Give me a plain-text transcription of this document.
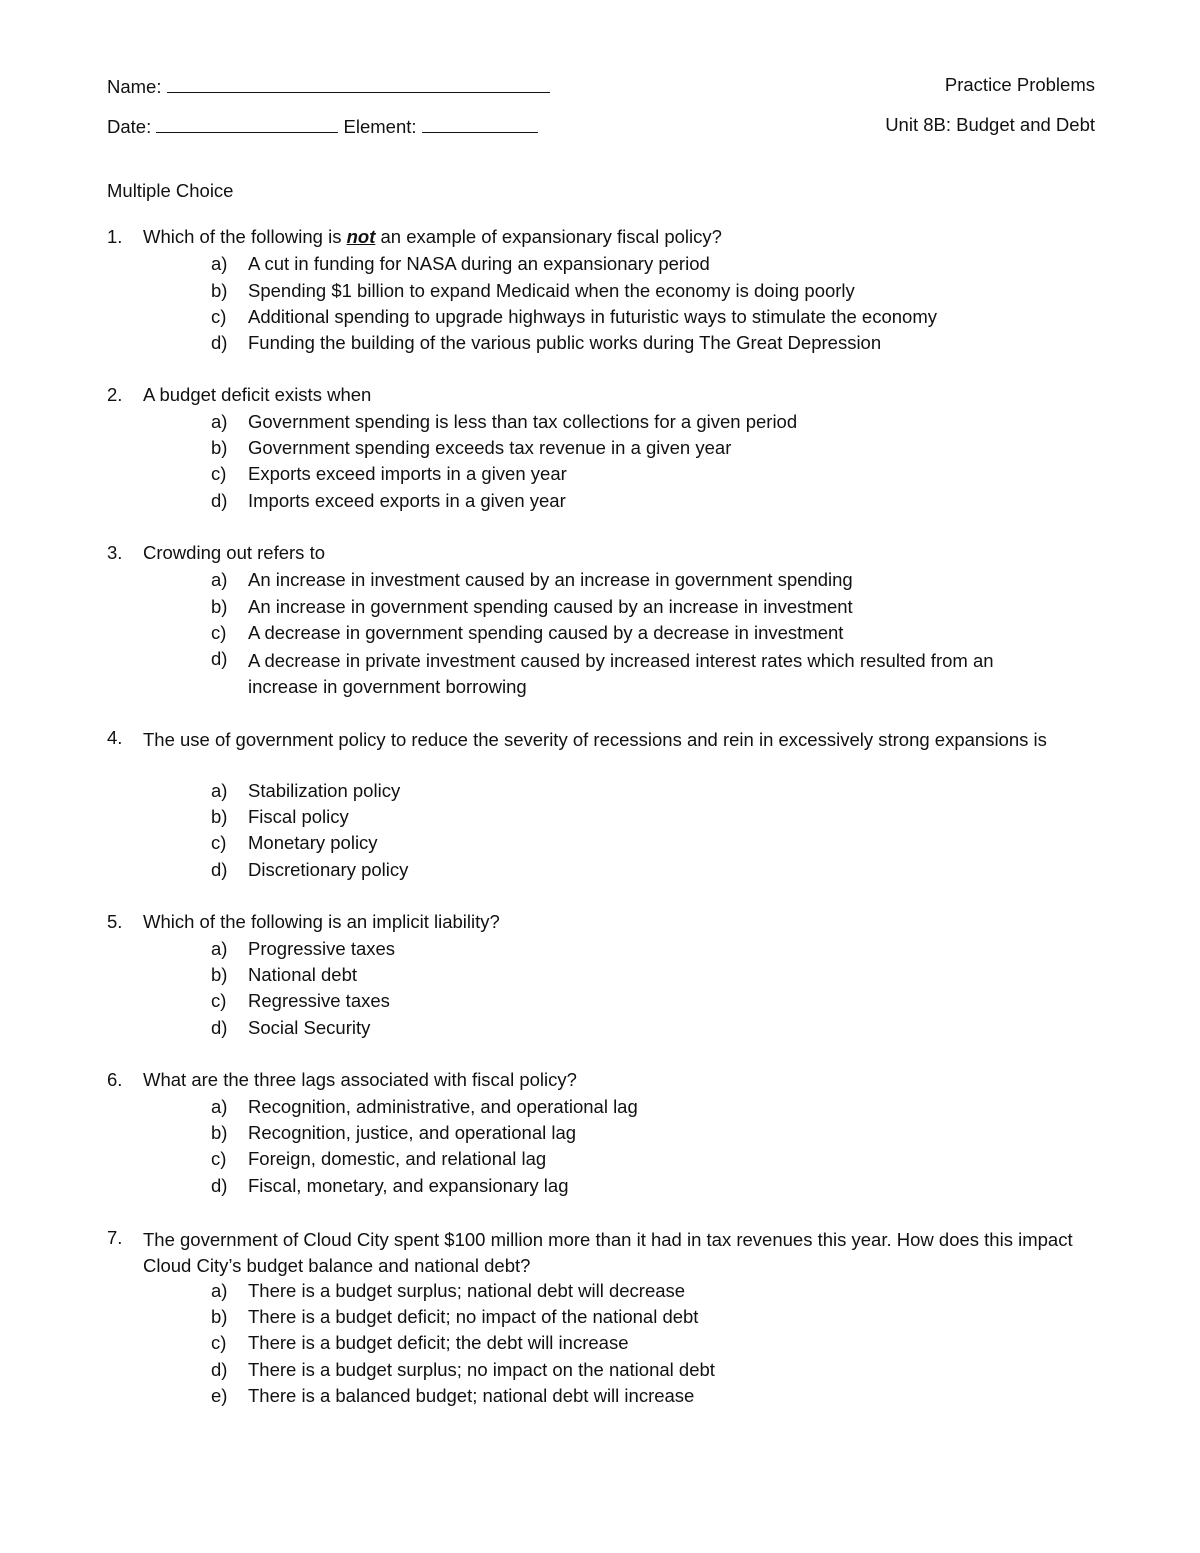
Name:	Practice Problems
Date:	Element:	Unit 8B: Budget and Debt
Multiple Choice
1. Which of the following is not an example of expansionary fiscal policy?
a) A cut in funding for NASA during an expansionary period
b) Spending $1 billion to expand Medicaid when the economy is doing poorly
c) Additional spending to upgrade highways in futuristic ways to stimulate the economy
d) Funding the building of the various public works during The Great Depression
2. A budget deficit exists when
a) Government spending is less than tax collections for a given period
b) Government spending exceeds tax revenue in a given year
c) Exports exceed imports in a given year
d) Imports exceed exports in a given year
3. Crowding out refers to
a) An increase in investment caused by an increase in government spending
b) An increase in government spending caused by an increase in investment
c) A decrease in government spending caused by a decrease in investment
d) A decrease in private investment caused by increased interest rates which resulted from an increase in government borrowing
4. The use of government policy to reduce the severity of recessions and rein in excessively strong expansions is
a) Stabilization policy
b) Fiscal policy
c) Monetary policy
d) Discretionary policy
5. Which of the following is an implicit liability?
a) Progressive taxes
b) National debt
c) Regressive taxes
d) Social Security
6. What are the three lags associated with fiscal policy?
a) Recognition, administrative, and operational lag
b) Recognition, justice, and operational lag
c) Foreign, domestic, and relational lag
d) Fiscal, monetary, and expansionary lag
7. The government of Cloud City spent $100 million more than it had in tax revenues this year. How does this impact Cloud City’s budget balance and national debt?
a) There is a budget surplus; national debt will decrease
b) There is a budget deficit; no impact of the national debt
c) There is a budget deficit; the debt will increase
d) There is a budget surplus; no impact on the national debt
e) There is a balanced budget; national debt will increase
